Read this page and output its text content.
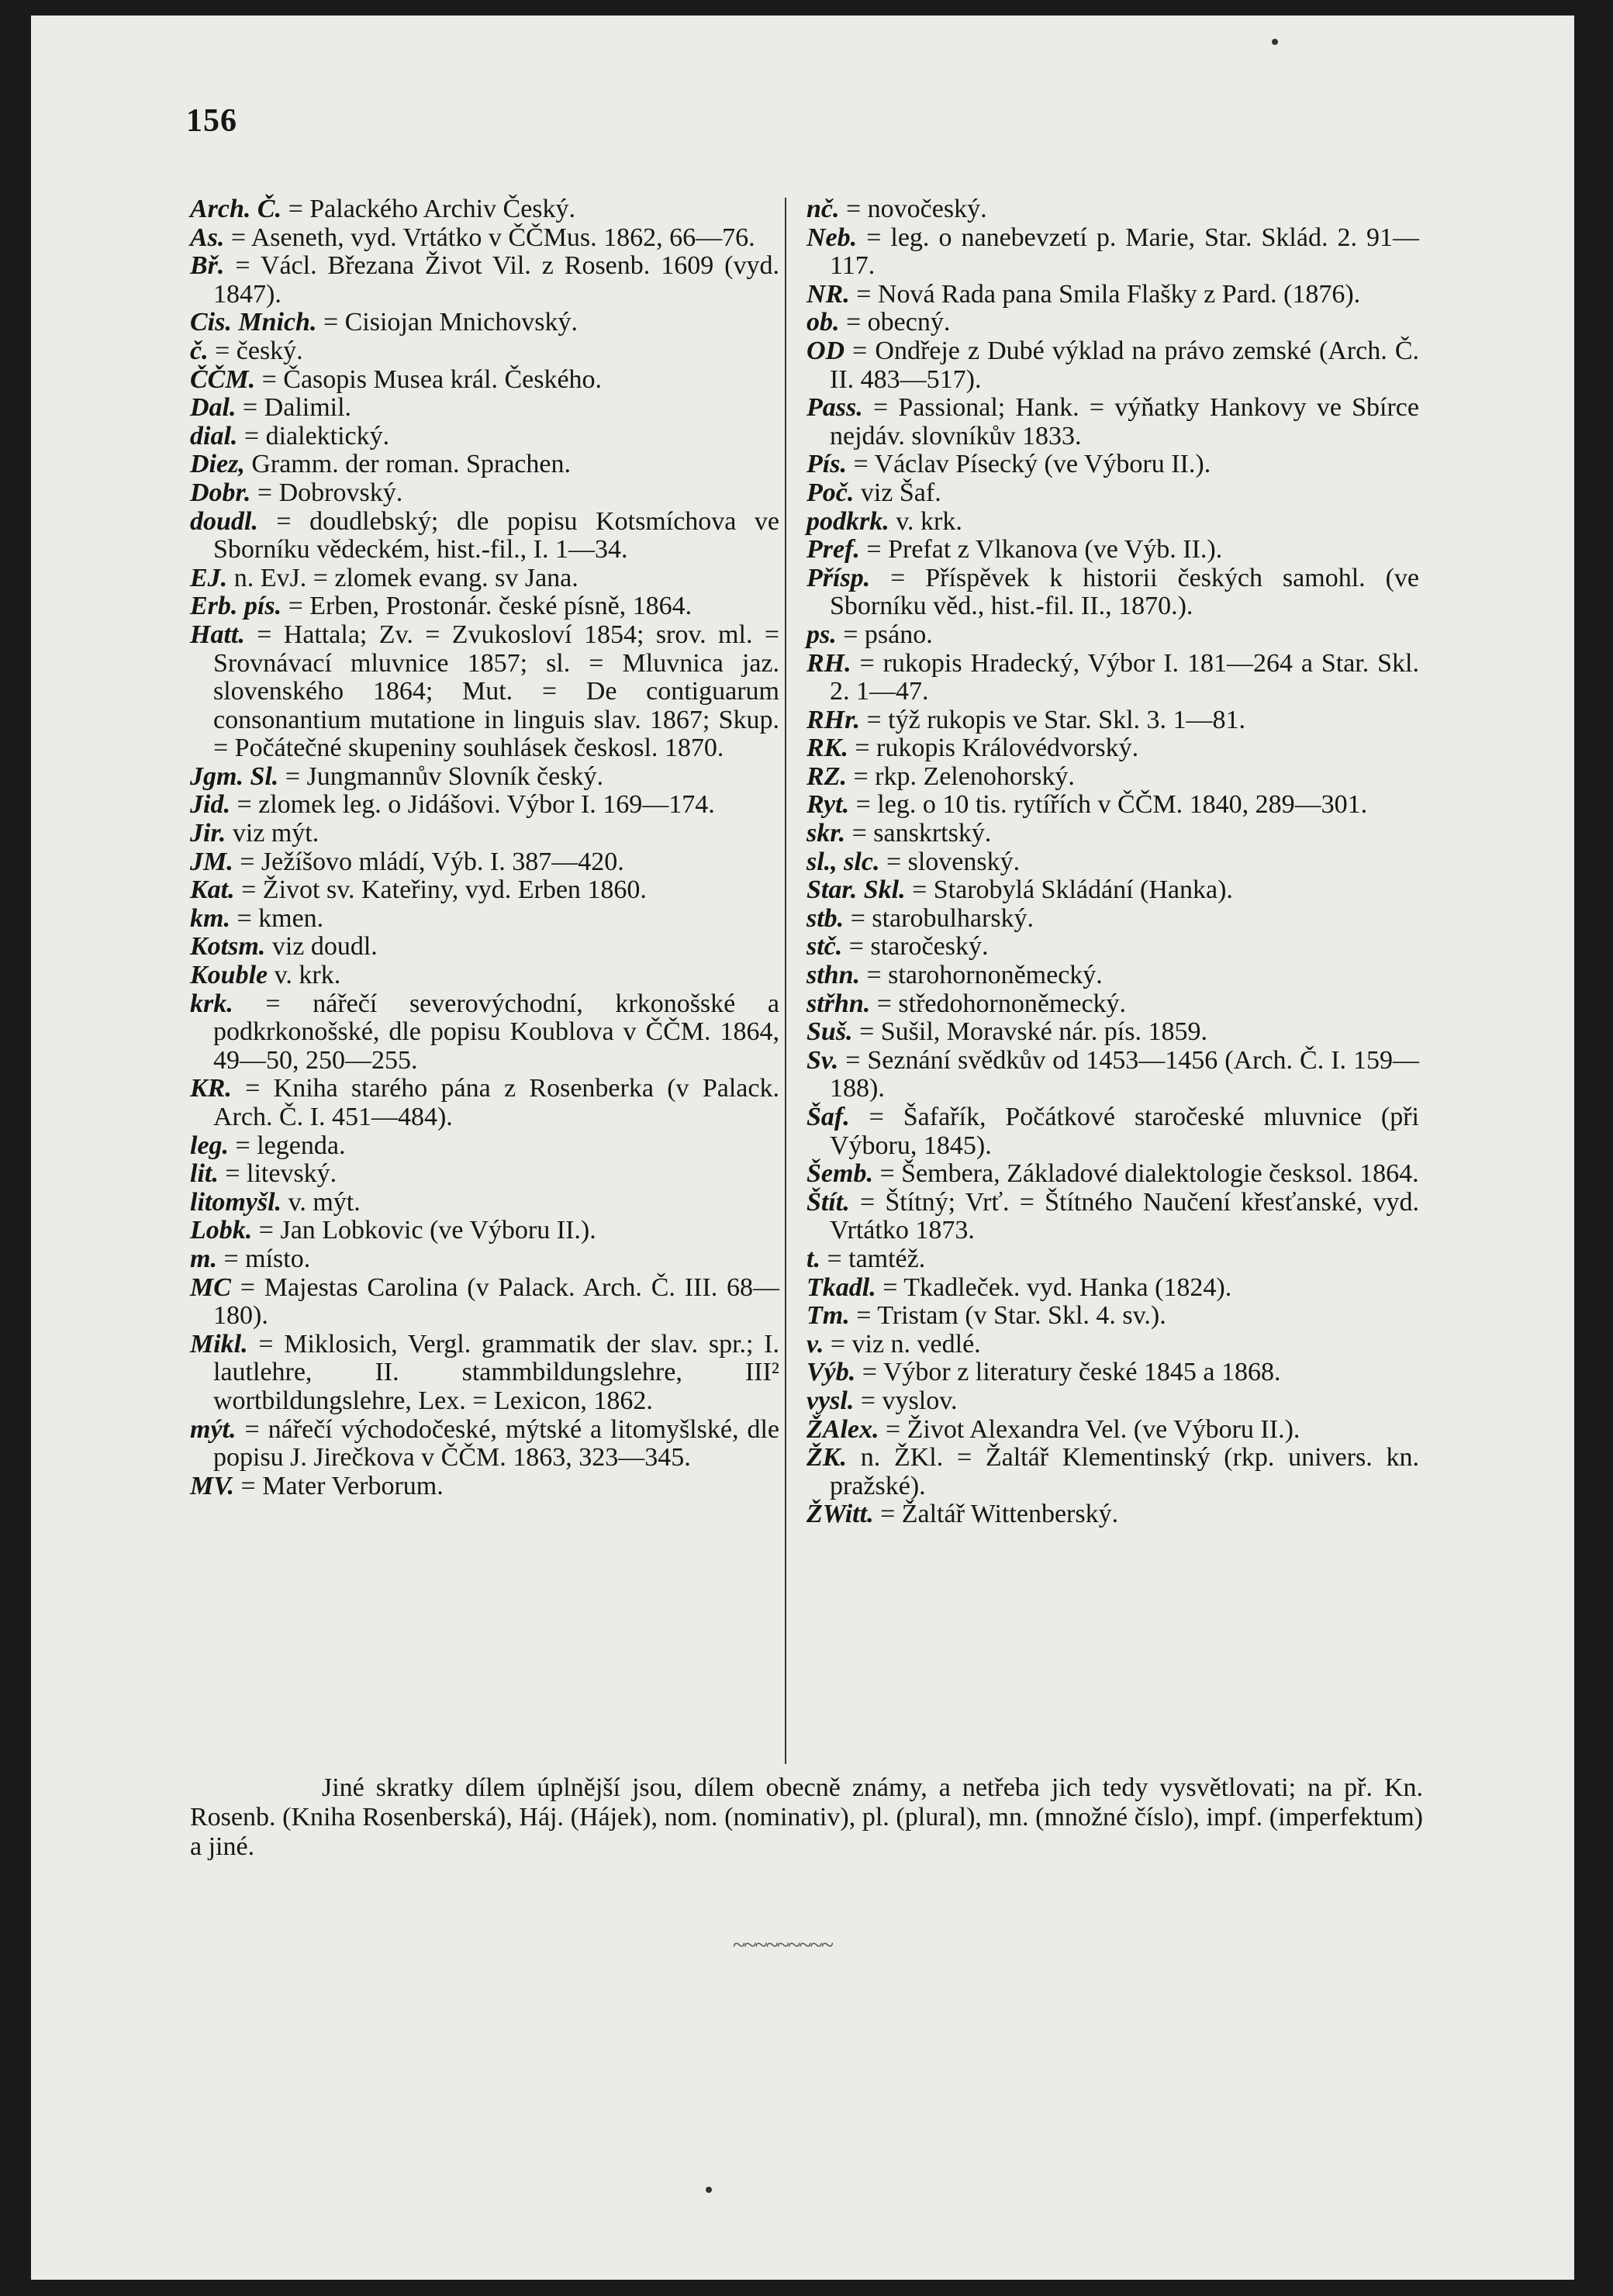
156

Arch. Č. = Palackého Archiv Český.

As. = Aseneth, vyd. Vrtátko v ČČMus. 1862, 66—76.

Bř. = Václ. Březana Život Vil. z Rosenb. 1609 (vyd. 1847).

Cis. Mnich. = Cisiojan Mnichovský.

č. = český.

ČČM. = Časopis Musea král. Českého.

Dal. = Dalimil.

dial. = dialektický.

Diez, Gramm. der roman. Sprachen.

Dobr. = Dobrovský.

doudl. = doudlebský; dle popisu Kotsmíchova ve Sborníku vědeckém, hist.-fil., I. 1—34.

EJ. n. EvJ. = zlomek evang. sv Jana.

Erb. pís. = Erben, Prostonár. české písně, 1864.

Hatt. = Hattala; Zv. = Zvukosloví 1854; srov. ml. = Srovnávací mluvnice 1857; sl. = Mluvnica jaz. slovenského 1864; Mut. = De contiguarum consonantium mutatione in linguis slav. 1867; Skup. = Počátečné skupeniny souhlásek českosl. 1870.

Jgm. Sl. = Jungmannův Slovník český.

Jid. = zlomek leg. o Jidášovi. Výbor I. 169—174.

Jir. viz mýt.

JM. = Ježíšovo mládí, Výb. I. 387—420.

Kat. = Život sv. Kateřiny, vyd. Erben 1860.

km. = kmen.

Kotsm. viz doudl.

Kouble v. krk.

krk. = nářečí severovýchodní, krkonošské a podkrkonošské, dle popisu Koublova v ČČM. 1864, 49—50, 250—255.

KR. = Kniha starého pána z Rosenberka (v Palack. Arch. Č. I. 451—484).

leg. = legenda.

lit. = litevský.

litomyšl. v. mýt.

Lobk. = Jan Lobkovic (ve Výboru II.).

m. = místo.

MC = Majestas Carolina (v Palack. Arch. Č. III. 68—180).

Mikl. = Miklosich, Vergl. grammatik der slav. spr.; I. lautlehre, II. stammbildungslehre, III² wortbildungslehre, Lex. = Lexicon, 1862.

mýt. = nářečí východočeské, mýtské a litomyšlské, dle popisu J. Jirečkova v ČČM. 1863, 323—345.

MV. = Mater Verborum.

nč. = novočeský.

Neb. = leg. o nanebevzetí p. Marie, Star. Sklád. 2. 91—117.

NR. = Nová Rada pana Smila Flašky z Pard. (1876).

ob. = obecný.

OD = Ondřeje z Dubé výklad na právo zemské (Arch. Č. II. 483—517).

Pass. = Passional; Hank. = výňatky Hankovy ve Sbírce nejdáv. slovníkův 1833.

Pís. = Václav Písecký (ve Výboru II.).

Poč. viz Šaf.

podkrk. v. krk.

Pref. = Prefat z Vlkanova (ve Výb. II.).

Přísp. = Příspěvek k historii českých samohl. (ve Sborníku věd., hist.-fil. II., 1870.).

ps. = psáno.

RH. = rukopis Hradecký, Výbor I. 181—264 a Star. Skl. 2. 1—47.

RHr. = týž rukopis ve Star. Skl. 3. 1—81.

RK. = rukopis Královédvorský.

RZ. = rkp. Zelenohorský.

Ryt. = leg. o 10 tis. rytířích v ČČM. 1840, 289—301.

skr. = sanskrtský.

sl., slc. = slovenský.

Star. Skl. = Starobylá Skládání (Hanka).

stb. = starobulharský.

stč. = staročeský.

sthn. = starohornoněmecký.

střhn. = středohornoněmecký.

Suš. = Sušil, Moravské nár. pís. 1859.

Sv. = Seznání svědkův od 1453—1456 (Arch. Č. I. 159—188).

Šaf. = Šafařík, Počátkové staročeské mluvnice (při Výboru, 1845).

Šemb. = Šembera, Základové dialektologie česksol. 1864.

Štít. = Štítný; Vrť. = Štítného Naučení křesťanské, vyd. Vrtátko 1873.

t. = tamtéž.

Tkadl. = Tkadleček. vyd. Hanka (1824).

Tm. = Tristam (v Star. Skl. 4. sv.).

v. = viz n. vedlé.

Výb. = Výbor z literatury české 1845 a 1868.

vysl. = vyslov.

ŽAlex. = Život Alexandra Vel. (ve Výboru II.).

ŽK. n. ŽKl. = Žaltář Klementinský (rkp. univers. kn. pražské).

ŽWitt. = Žaltář Wittenberský.

Jiné skratky dílem úplnější jsou, dílem obecně známy, a netřeba jich tedy vysvětlovati; na př. Kn. Rosenb. (Kniha Rosenberská), Háj. (Hájek), nom. (nominativ), pl. (plural), mn. (množné číslo), impf. (imperfektum) a jiné.

~~~~~~~~~
